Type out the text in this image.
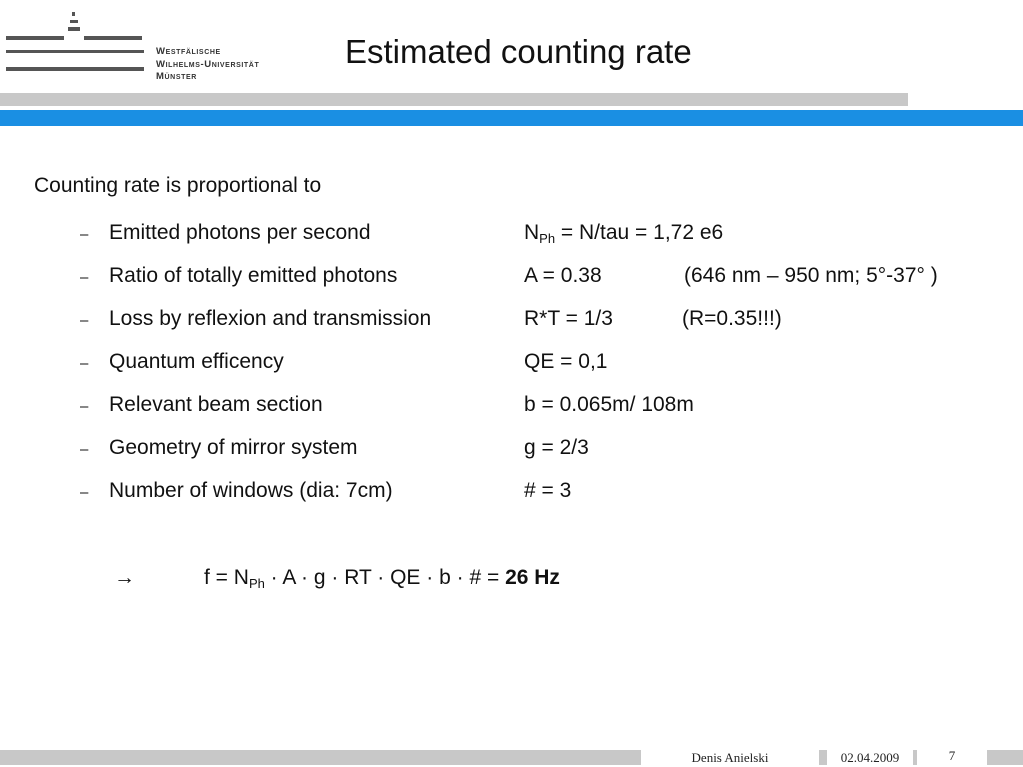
Westfälische
Wilhelms-Universität
Münster
Estimated counting rate
Counting rate is proportional to
– Emitted photons per second	$N_{Ph} = N/tau = 1,72$ e6
– Ratio of totally emitted photons	A = 0.38	(646 nm – 950 nm; 5°-37° )
– Loss by reflexion and transmission	R*T = 1/3	(R=0.35!!!)
– Quantum efficency	QE = 0,1
– Relevant beam section	b = 0.065m/ 108m
– Geometry of mirror system	g = 2/3
– Number of windows (dia: 7cm)	# = 3
→	$f = N_{Ph} \cdot A \cdot g$ · RT · QE · b · # = 26 Hz
Denis Anielski	02.04.2009	7
